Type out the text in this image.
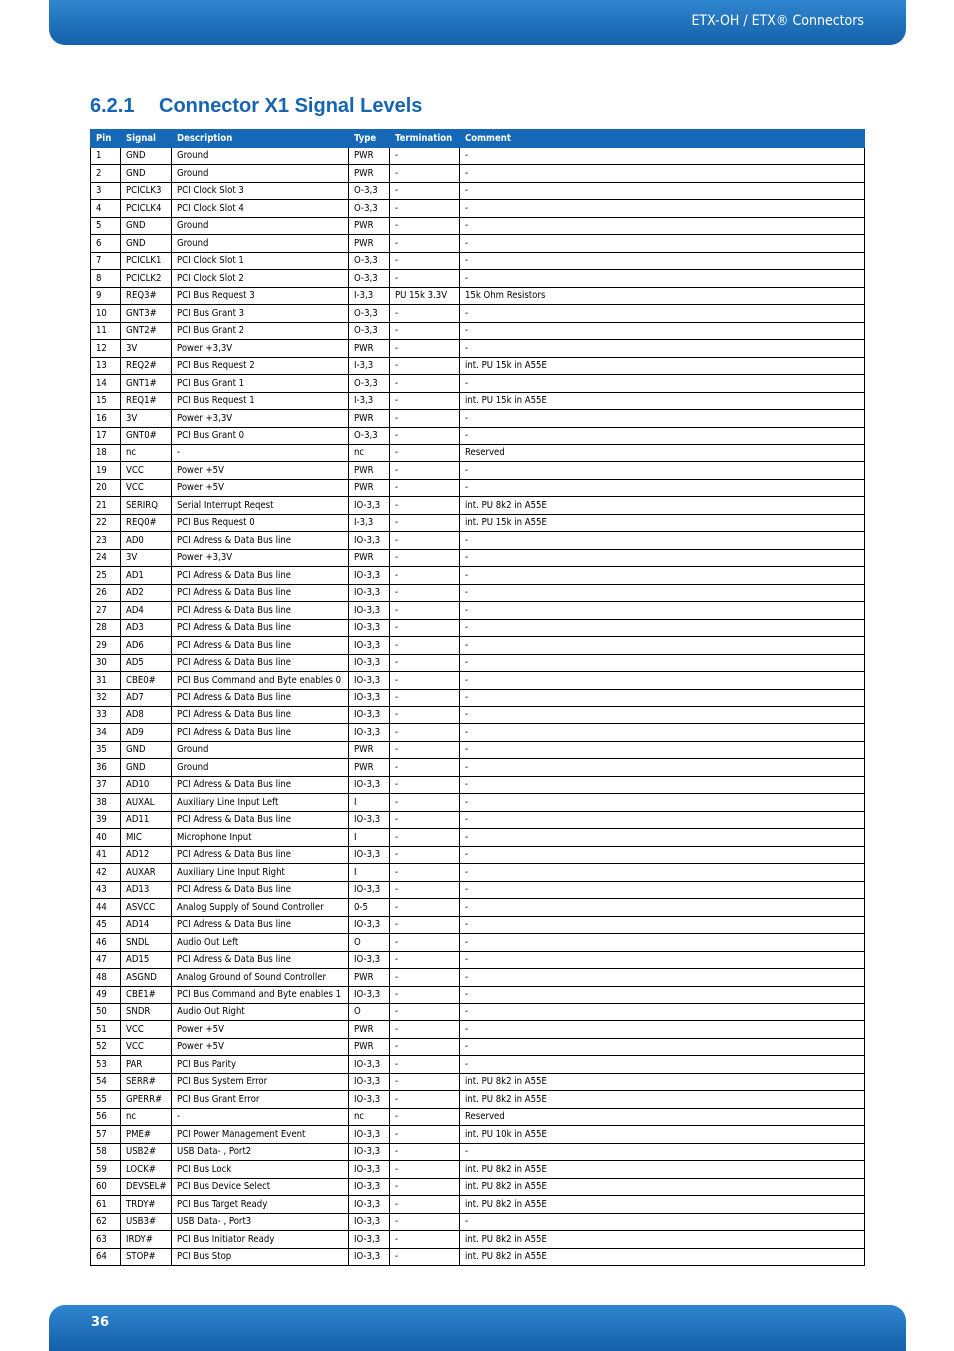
ETX-OH / ETX® Connectors
6.2.1 Connector X1 Signal Levels
Pin	Signal	Description	Type	Termination	Comment
1	GND	Ground	PWR	-	-
2	GND	Ground	PWR	-	-
3	PCICLK3	PCI Clock Slot 3	O-3,3	-	-
4	PCICLK4	PCI Clock Slot 4	O-3,3	-	-
5	GND	Ground	PWR	-	-
6	GND	Ground	PWR	-	-
7	PCICLK1	PCI Clock Slot 1	O-3,3	-	-
8	PCICLK2	PCI Clock Slot 2	O-3,3	-	-
9	REQ3#	PCI Bus Request 3	I-3,3	PU 15k 3.3V	15k Ohm Resistors
10	GNT3#	PCI Bus Grant 3	O-3,3	-	-
11	GNT2#	PCI Bus Grant 2	O-3,3	-	-
12	3V	Power +3,3V	PWR	-	-
13	REQ2#	PCI Bus Request 2	I-3,3	-	int. PU 15k in A55E
14	GNT1#	PCI Bus Grant 1	O-3,3	-	-
15	REQ1#	PCI Bus Request 1	I-3,3	-	int. PU 15k in A55E
16	3V	Power +3,3V	PWR	-	-
17	GNT0#	PCI Bus Grant 0	O-3,3	-	-
18	nc	-	nc	-	Reserved
19	VCC	Power +5V	PWR	-	-
20	VCC	Power +5V	PWR	-	-
21	SERIRQ	Serial Interrupt Reqest	IO-3,3	-	int. PU 8k2 in A55E
22	REQ0#	PCI Bus Request 0	I-3,3	-	int. PU 15k in A55E
23	AD0	PCI Adress & Data Bus line	IO-3,3	-	-
24	3V	Power +3,3V	PWR	-	-
25	AD1	PCI Adress & Data Bus line	IO-3,3	-	-
26	AD2	PCI Adress & Data Bus line	IO-3,3	-	-
27	AD4	PCI Adress & Data Bus line	IO-3,3	-	-
28	AD3	PCI Adress & Data Bus line	IO-3,3	-	-
29	AD6	PCI Adress & Data Bus line	IO-3,3	-	-
30	AD5	PCI Adress & Data Bus line	IO-3,3	-	-
31	CBE0#	PCI Bus Command and Byte enables 0	IO-3,3	-	-
32	AD7	PCI Adress & Data Bus line	IO-3,3	-	-
33	AD8	PCI Adress & Data Bus line	IO-3,3	-	-
34	AD9	PCI Adress & Data Bus line	IO-3,3	-	-
35	GND	Ground	PWR	-	-
36	GND	Ground	PWR	-	-
37	AD10	PCI Adress & Data Bus line	IO-3,3	-	-
38	AUXAL	Auxiliary Line Input Left	I	-	-
39	AD11	PCI Adress & Data Bus line	IO-3,3	-	-
40	MIC	Microphone Input	I	-	-
41	AD12	PCI Adress & Data Bus line	IO-3,3	-	-
42	AUXAR	Auxiliary Line Input Right	I	-	-
43	AD13	PCI Adress & Data Bus line	IO-3,3	-	-
44	ASVCC	Analog Supply of Sound Controller	0-5	-	-
45	AD14	PCI Adress & Data Bus line	IO-3,3	-	-
46	SNDL	Audio Out Left	O	-	-
47	AD15	PCI Adress & Data Bus line	IO-3,3	-	-
48	ASGND	Analog Ground of Sound Controller	PWR	-	-
49	CBE1#	PCI Bus Command and Byte enables 1	IO-3,3	-	-
50	SNDR	Audio Out Right	O	-	-
51	VCC	Power +5V	PWR	-	-
52	VCC	Power +5V	PWR	-	-
53	PAR	PCI Bus Parity	IO-3,3	-	-
54	SERR#	PCI Bus System Error	IO-3,3	-	int. PU 8k2 in A55E
55	GPERR#	PCI Bus Grant Error	IO-3,3	-	int. PU 8k2 in A55E
56	nc	-	nc	-	Reserved
57	PME#	PCI Power Management Event	IO-3,3	-	int. PU 10k in A55E
58	USB2#	USB Data- , Port2	IO-3,3	-	-
59	LOCK#	PCI Bus Lock	IO-3,3	-	int. PU 8k2 in A55E
60	DEVSEL#	PCI Bus Device Select	IO-3,3	-	int. PU 8k2 in A55E
61	TRDY#	PCI Bus Target Ready	IO-3,3	-	int. PU 8k2 in A55E
62	USB3#	USB Data- , Port3	IO-3,3	-	-
63	IRDY#	PCI Bus Initiator Ready	IO-3,3	-	int. PU 8k2 in A55E
64	STOP#	PCI Bus Stop	IO-3,3	-	int. PU 8k2 in A55E
36
